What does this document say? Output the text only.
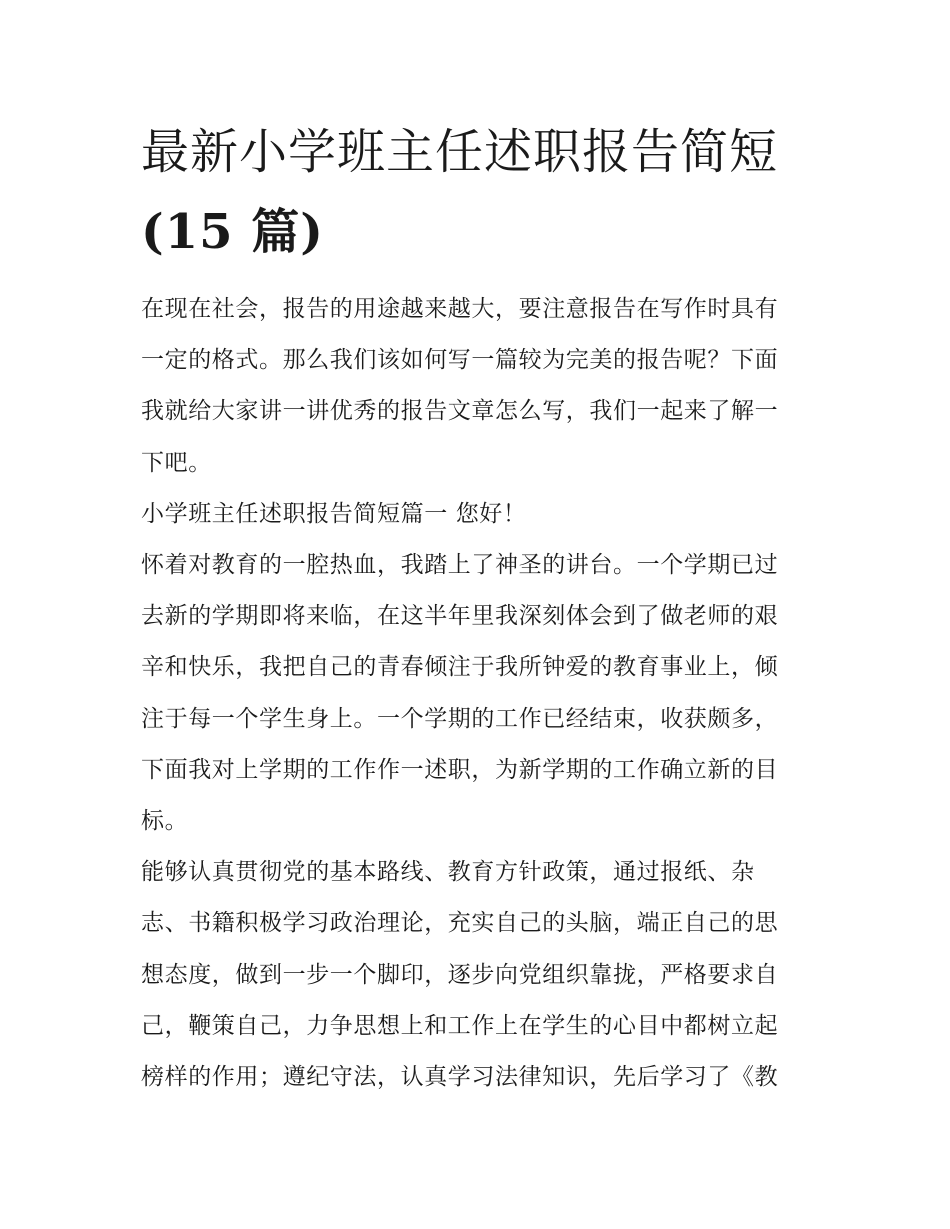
最新小学班主任述职报告简短
(15 篇)
在现在社会，报告的用途越来越大，要注意报告在写作时具有
一定的格式。那么我们该如何写一篇较为完美的报告呢？下面
我就给大家讲一讲优秀的报告文章怎么写，我们一起来了解一
下吧。
小学班主任述职报告简短篇一 您好！
怀着对教育的一腔热血，我踏上了神圣的讲台。一个学期已过
去新的学期即将来临，在这半年里我深刻体会到了做老师的艰
辛和快乐，我把自己的青春倾注于我所钟爱的教育事业上，倾
注于每一个学生身上。一个学期的工作已经结束，收获颇多，
下面我对上学期的工作作一述职，为新学期的工作确立新的目
标。
能够认真贯彻党的基本路线、教育方针政策，通过报纸、杂
志、书籍积极学习政治理论，充实自己的头脑，端正自己的思
想态度，做到一步一个脚印，逐步向党组织靠拢，严格要求自
己，鞭策自己，力争思想上和工作上在学生的心目中都树立起
榜样的作用；遵纪守法，认真学习法律知识，先后学习了《教
